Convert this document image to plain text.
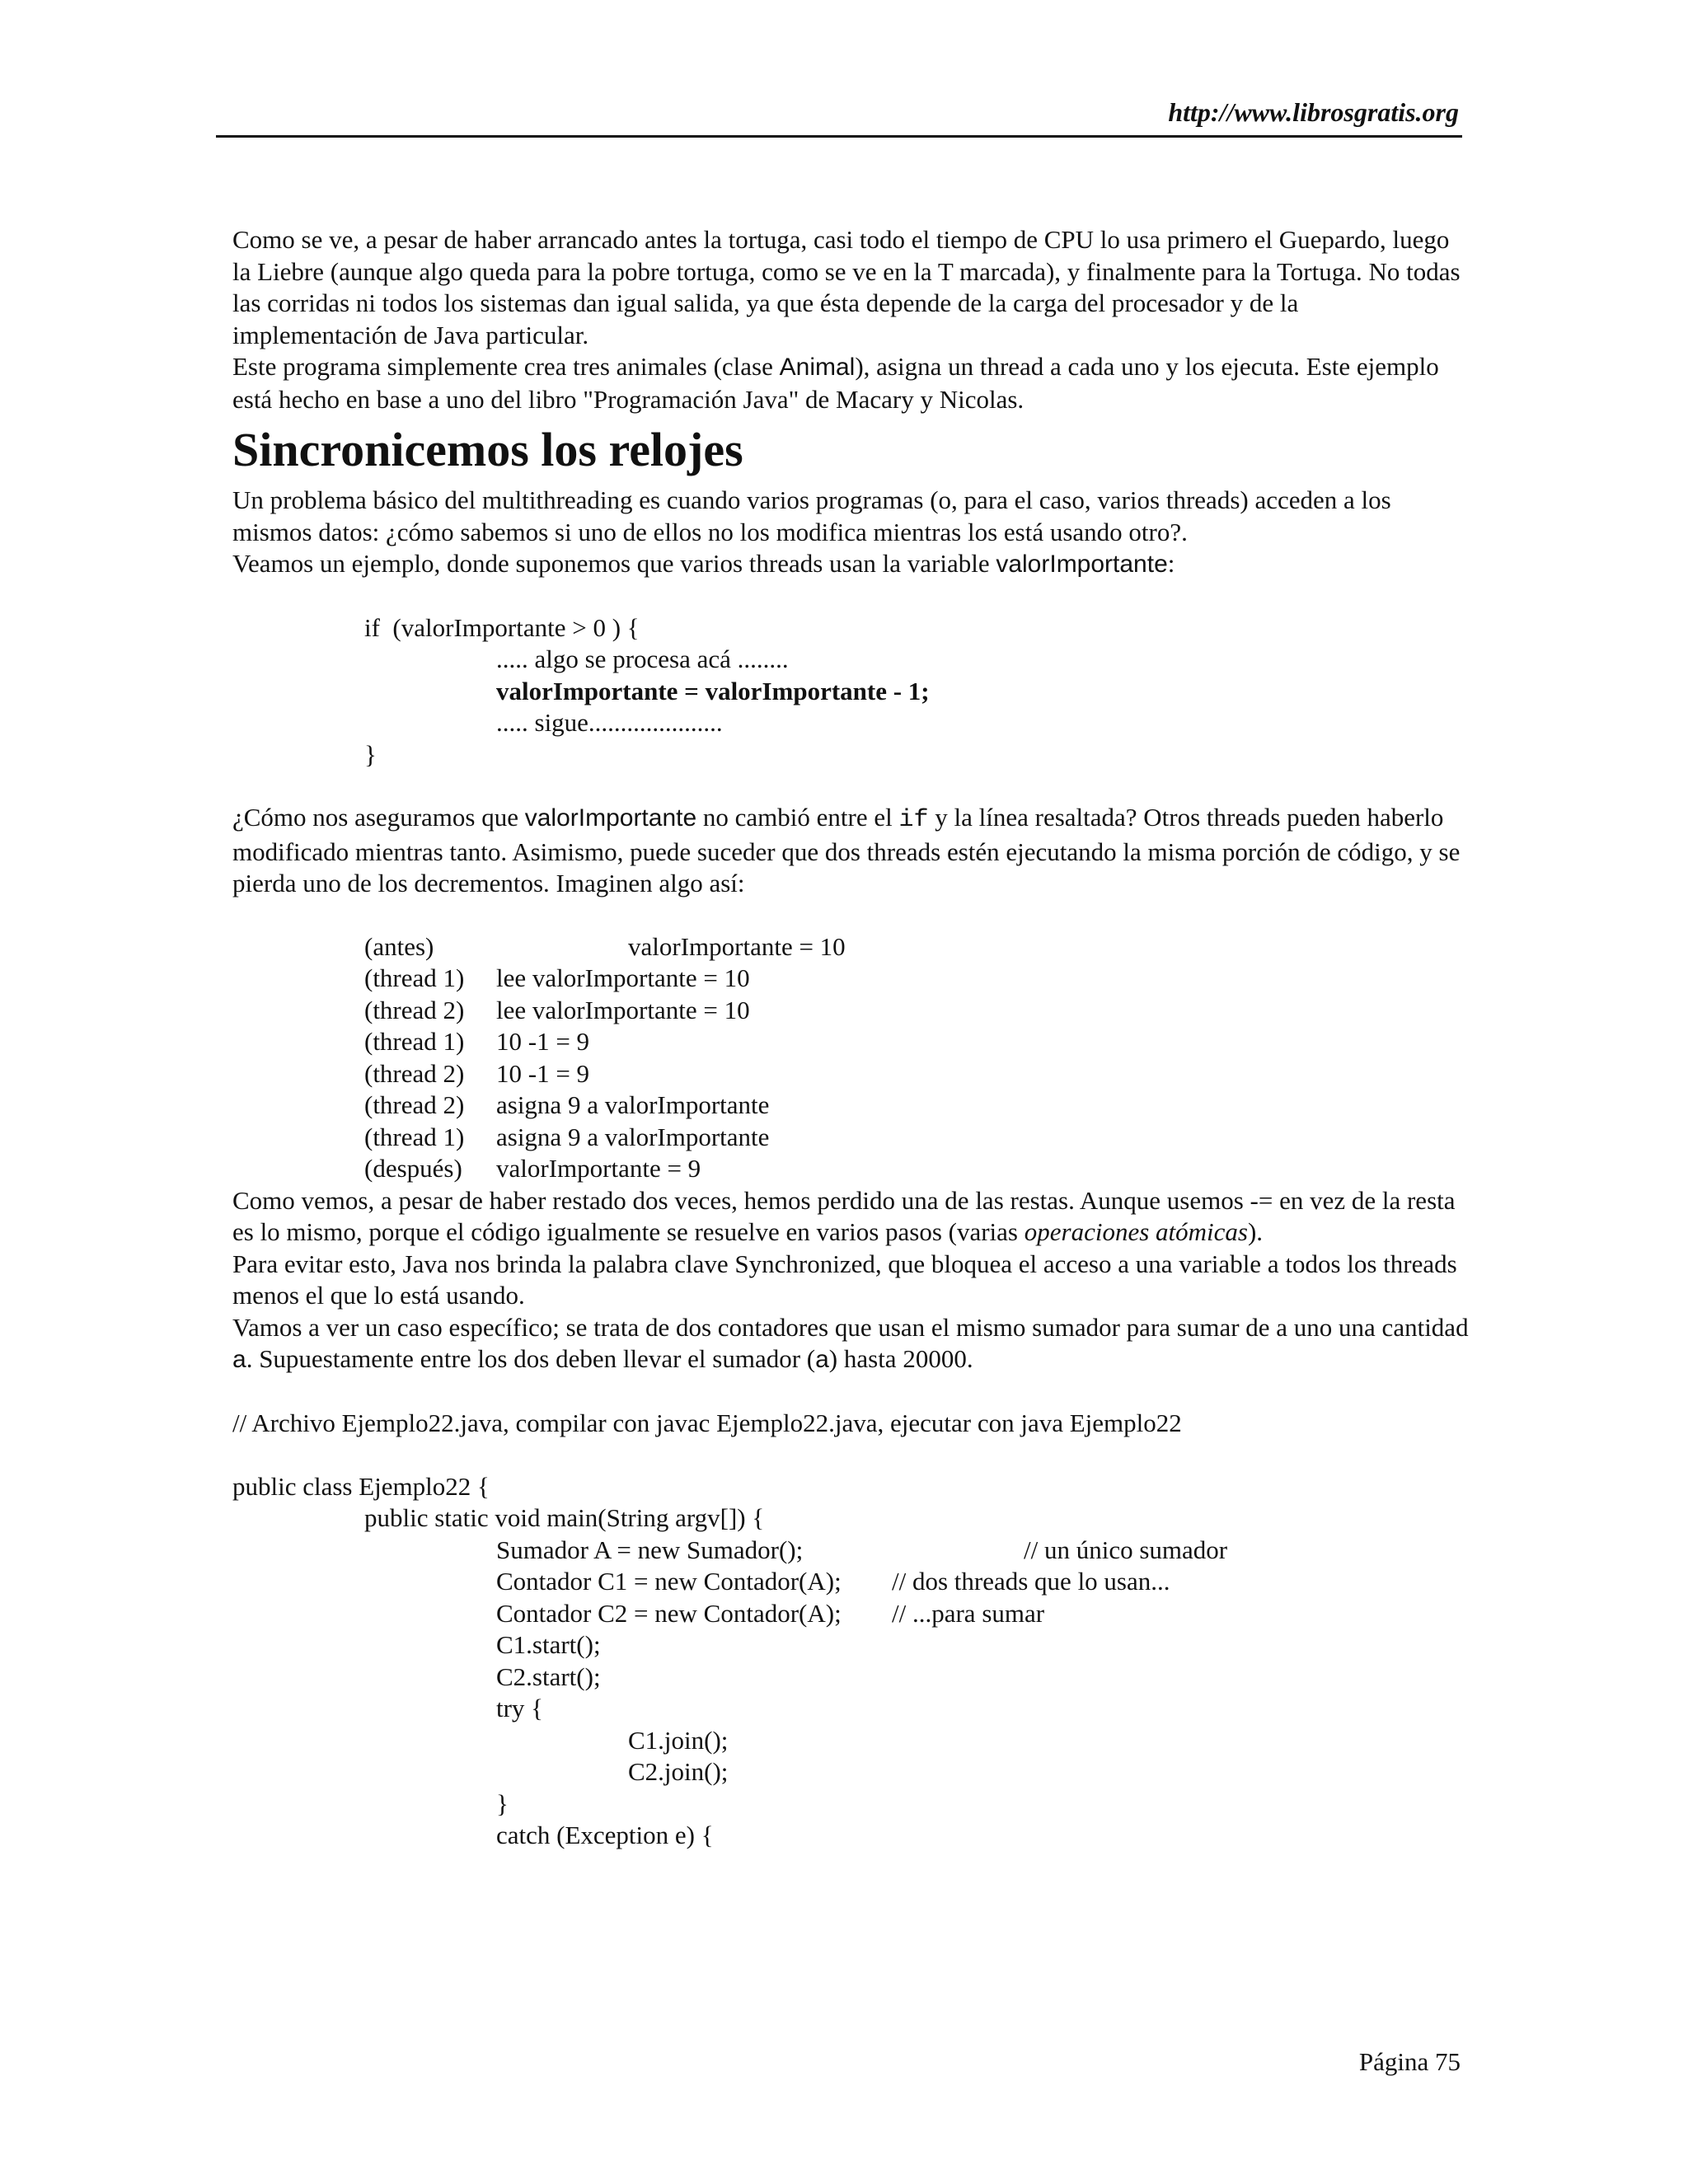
http://www.librosgratis.org

Como se ve, a pesar de haber arrancado antes la tortuga, casi todo el tiempo de CPU lo usa primero el Guepardo, luego la Liebre (aunque algo queda para la pobre tortuga, como se ve en la T marcada), y finalmente para la Tortuga. No todas las corridas ni todos los sistemas dan igual salida, ya que ésta depende de la carga del procesador y de la implementación de Java particular.

Este programa simplemente crea tres animales (clase Animal), asigna un thread a cada uno y los ejecuta. Este ejemplo está hecho en base a uno del libro "Programación Java" de Macary y Nicolas.

Sincronicemos los relojes

Un problema básico del multithreading es cuando varios programas (o, para el caso, varios threads) acceden a los mismos datos: ¿cómo sabemos si uno de ellos no los modifica mientras los está usando otro?.

Veamos un ejemplo, donde suponemos que varios threads usan la variable valorImportante:

if  (valorImportante > 0 ) {
..... algo se procesa acá ........
valorImportante = valorImportante - 1;
..... sigue.....................
}

¿Cómo nos aseguramos que valorImportante no cambió entre el if y la línea resaltada? Otros threads pueden haberlo modificado mientras tanto. Asimismo, puede suceder que dos threads estén ejecutando la misma porción de código, y se pierda uno de los decrementos. Imaginen algo así:

(antes)	valorImportante = 10
(thread 1)	lee valorImportante = 10
(thread 2)	lee valorImportante = 10
(thread 1)	10 -1 = 9
(thread 2)	10 -1 = 9
(thread 2)	asigna 9 a valorImportante
(thread 1)	asigna 9 a valorImportante
(después)	valorImportante = 9

Como vemos, a pesar de haber restado dos veces, hemos perdido una de las restas. Aunque usemos -= en vez de la resta es lo mismo, porque el código igualmente se resuelve en varios pasos (varias operaciones atómicas).

Para evitar esto, Java nos brinda la palabra clave Synchronized, que bloquea el acceso a una variable a todos los threads menos el que lo está usando.

Vamos a ver un caso específico; se trata de dos contadores que usan el mismo sumador para sumar de a uno una cantidad a. Supuestamente entre los dos deben llevar el sumador (a) hasta 20000.

// Archivo Ejemplo22.java, compilar con javac Ejemplo22.java, ejecutar con java Ejemplo22
public class Ejemplo22 {
public static void main(String argv[]) {
Sumador A = new Sumador();	// un único sumador
Contador C1 = new Contador(A); // dos threads que lo usan...
Contador C2 = new Contador(A); // ...para sumar
C1.start();
C2.start();
try {
C1.join();
C2.join();
}
catch (Exception e) {
Página 75
